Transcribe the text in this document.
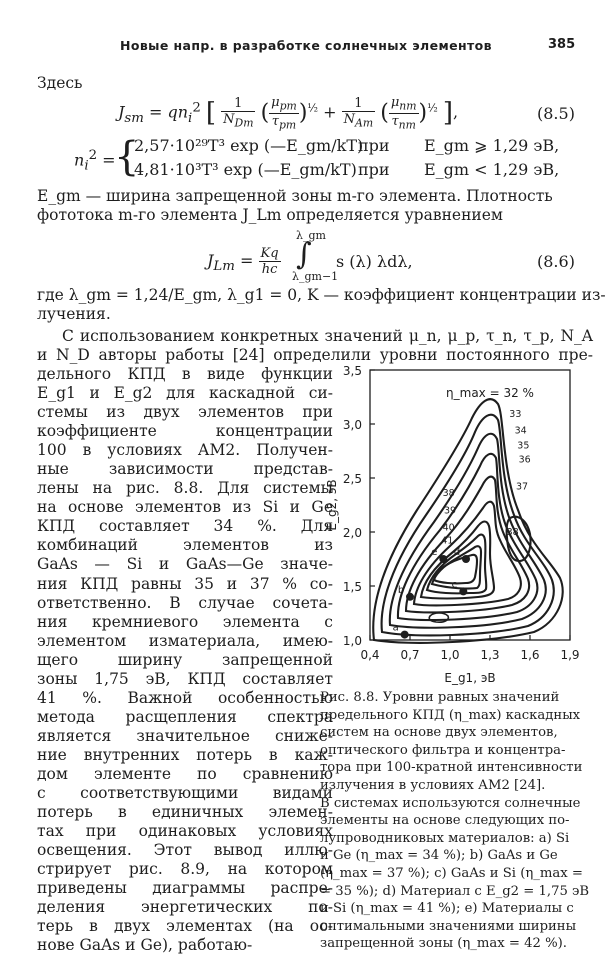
Новые напр. в разработке солнечных элементов	385
Здесь
$J_{sm} = qn_i^2$ [ $\frac{1}{N_{Dm}}$ ( $\frac{\mu_{pm}}{\tau_{pm}} )^{\frac{1}{2}} + \frac{1}{N_{Am}}$ ( $\frac{\mu_{nm}}{\tau_{nm}} )^{\frac{1}{2}}$ ],	(8.5)
$n_i^2$ =
{
2,57·10²⁹T³ exp (—E_gm/kT)
при E_gm ⩾ 1,29 эВ,
4,81·10³T³ exp (—E_gm/kT) при E_gm < 1,29 эВ,
E_gm — ширина запрещенной зоны m-го элемента. Плотность
фототока m-го элемента J_Lm определяется уравнением
$J_{Lm} = \frac{Kq}{hc}$
λ_gm
∫
λ_gm−1
s (λ) λdλ,	(8.6)
где λ_gm = 1,24/E_gm, λ_g1 = 0, K — коэффициент концентрации из-
лучения.
С использованием конкретных значений μ_n, μ_p, τ_n, τ_p, N_A
и N_D авторы работы [24] определили уровни постоянного пре-

дельного КПД в виде функции

E_g1 и E_g2 для каскадной си-

стемы из двух элементов при

коэффициенте концентрации

100 в условиях АМ2. Получен-

ные зависимости представ-

лены на рис. 8.8. Для системы

на основе элементов из Si и Ge

КПД составляет 34 %. Для

комбинаций элементов из

GaAs — Si и GaAs—Ge значе-

ния КПД равны 35 и 37 % со-

ответственно. В случае сочета-

ния кремниевого элемента с

элементом изматериала, имею-

щего ширину запрещенной

зоны 1,75 эВ, КПД составляет

41 %. Важной особенностью

метода расщепления спектра

является значительное сниже-

ние внутренних потерь в каж-

дом элементе по сравнению

с соответствующими видами

потерь в единичных элемен-

тах при одинаковых условиях

освещения. Этот вывод иллю-

стрирует рис. 8.9, на котором

приведены диаграммы распре-

деления энергетических по-

терь в двух элементах (на ос-

нове GaAs и Ge), работаю-

0,4 0,7 1,0 1,3 1,6 1,9
1,0
1,5
2,0
2,5
3,0
3,5
E_g1, эВ
E_g2, эВ
η_max = 32 %
33
34
35
36
37
38
39
40
41
38
a
b	c
d
e

Рис. 8.8. Уровни равных значений

предельного КПД (η_max) каскадных

систем на основе двух элементов,

оптического фильтра и концентра-

тора при 100-кратной интенсивности

излучения в условиях АМ2 [24].

В системах используются солнечные

элементы на основе следующих по-

лупроводниковых материалов: a) Si

и Ge (η_max = 34 %); b) GaAs и Ge

(η_max = 37 %); c) GaAs и Si (η_max =

= 35 %); d) Материал с E_g2 = 1,75 эВ

и Si (η_max = 41 %); e) Материалы с

оптимальными значениями ширины

запрещенной зоны (η_max = 42 %).
